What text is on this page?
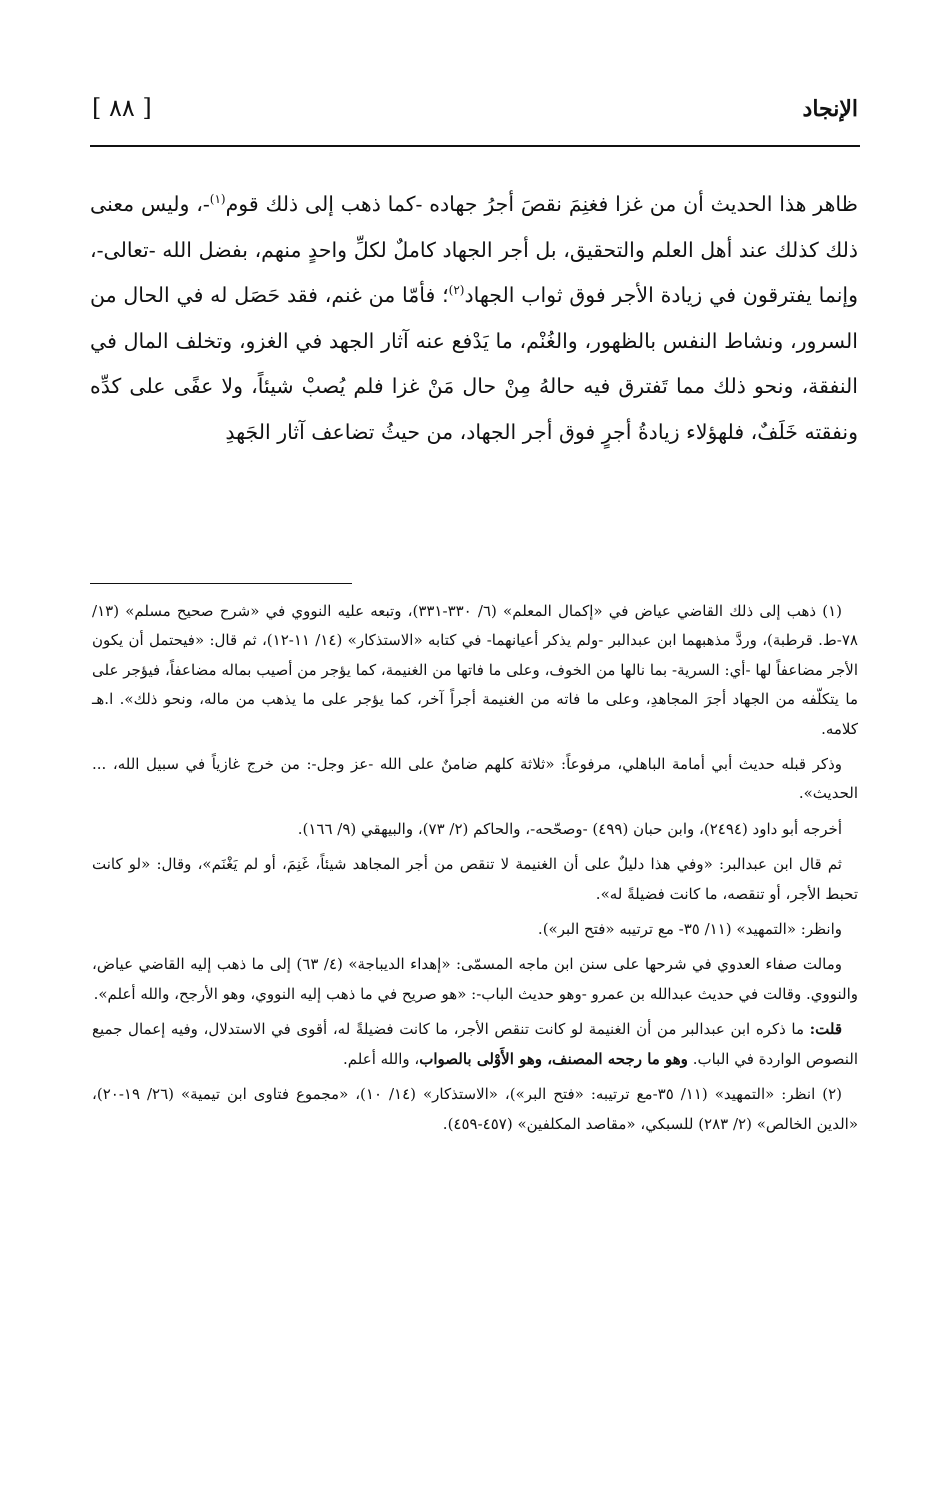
الإنجاد
[ ٨٨ ]
ظاهر هذا الحديث أن من غزا فغنِمَ نقصَ أجرُ جهاده -كما ذهب إلى ذلك قوم$^{(١)}$-، وليس معنى ذلك كذلك عند أهل العلم والتحقيق، بل أجر الجهاد كاملٌ لكلِّ واحدٍ منهم، بفضل الله -تعالى-، وإنما يفترقون في زيادة الأجر فوق ثواب الجهاد$^{(٢)}$؛ فأمّا من غنم، فقد حَصَل له في الحال من السرور، ونشاط النفس بالظهور، والغُنْم، ما يَدْفع عنه آثار الجهد في الغزو، وتخلف المال في النفقة، ونحو ذلك مما تَفترق فيه حالهُ مِنْ حال مَنْ غزا فلم يُصبْ شيئاً، ولا عفًى على كدِّه ونفقته خَلَفٌ، فلهؤلاء زيادةُ أجرٍ فوق أجر الجهاد، من حيثُ تضاعف آثار الجَهدِ

(١) ذهب إلى ذلك القاضي عياض في «إكمال المعلم» (٦/ ٣٣٠-٣٣١)، وتبعه عليه النووي في «شرح صحيح مسلم» (١٣/ ٧٨-ط. قرطبة)، وردَّ مذهبهما ابن عبدالبر -ولم يذكر أعيانهما- في كتابه «الاستذكار» (١٤/ ١١-١٢)، ثم قال: «فيحتمل أن يكون الأجر مضاعفاً لها -أي: السرية- بما نالها من الخوف، وعلى ما فاتها من الغنيمة، كما يؤجر من أصيب بماله مضاعفاً، فيؤجر على ما يتكلّفه من الجهاد أجرَ المجاهدِ، وعلى ما فاته من الغنيمة أجراً آخر، كما يؤجر على ما يذهب من ماله، ونحو ذلك». ا.هـ كلامه.

وذكر قبله حديث أبي أمامة الباهلي، مرفوعاً: «ثلاثة كلهم ضامنٌ على الله -عز وجل-: من خرج غازياً في سبيل الله، ... الحديث».

أخرجه أبو داود (٢٤٩٤)، وابن حبان (٤٩٩) -وصحّحه-، والحاكم (٢/ ٧٣)، والبيهقي (٩/ ١٦٦).

ثم قال ابن عبدالبر: «وفي هذا دليلٌ على أن الغنيمة لا تنقص من أجر المجاهد شيئاً، غَنِمَ، أو لم يَغْنَم»، وقال: «لو كانت تحبط الأجر، أو تنقصه، ما كانت فضيلةً له».

وانظر: «التمهيد» (١١/ ٣٥- مع ترتيبه «فتح البر»).

ومالت صفاء العدوي في شرحها على سنن ابن ماجه المسمّى: «إهداء الديباجة» (٤/ ٦٣) إلى ما ذهب إليه القاضي عياض، والنووي. وقالت في حديث عبدالله بن عمرو -وهو حديث الباب-: «هو صريح في ما ذهب إليه النووي، وهو الأرجح، والله أعلم».

قلت: ما ذكره ابن عبدالبر من أن الغنيمة لو كانت تنقص الأجر، ما كانت فضيلةً له، أقوى في الاستدلال، وفيه إعمال جميع النصوص الواردة في الباب. وهو ما رجحه المصنف، وهو الأَوْلى بالصواب، والله أعلم.

(٢) انظر: «التمهيد» (١١/ ٣٥-مع ترتيبه: «فتح البر»)، «الاستذكار» (١٤/ ١٠)، «مجموع فتاوى ابن تيمية» (٢٦/ ١٩-٢٠)، «الدين الخالص» (٢/ ٢٨٣) للسبكي، «مقاصد المكلفين» (٤٥٧-٤٥٩).
